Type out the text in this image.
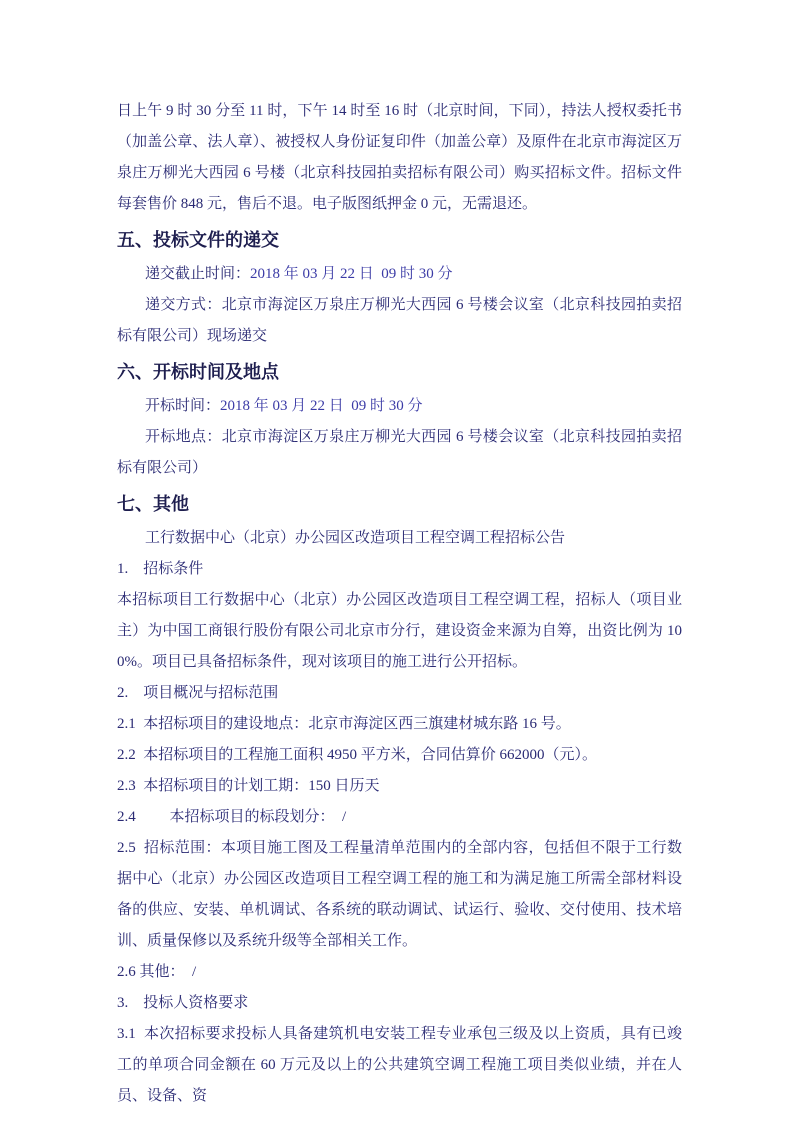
日上午 9 时 30 分至 11 时，下午 14 时至 16 时（北京时间，下同），持法人授权委托书（加盖公章、法人章）、被授权人身份证复印件（加盖公章）及原件在北京市海淀区万泉庄万柳光大西园 6 号楼（北京科技园拍卖招标有限公司）购买招标文件。招标文件每套售价 848 元，售后不退。电子版图纸押金 0 元，无需退还。

五、投标文件的递交

递交截止时间：2018 年 03 月 22 日  09 时 30 分

递交方式：北京市海淀区万泉庄万柳光大西园 6 号楼会议室（北京科技园拍卖招标有限公司）现场递交

六、开标时间及地点

开标时间：2018 年 03 月 22 日  09 时 30 分

开标地点：北京市海淀区万泉庄万柳光大西园 6 号楼会议室（北京科技园拍卖招标有限公司）

七、其他

工行数据中心（北京）办公园区改造项目工程空调工程招标公告

1.　招标条件

本招标项目工行数据中心（北京）办公园区改造项目工程空调工程，招标人（项目业主）为中国工商银行股份有限公司北京市分行，建设资金来源为自筹，出资比例为 100%。项目已具备招标条件，现对该项目的施工进行公开招标。

2.　项目概况与招标范围

2.1  本招标项目的建设地点：北京市海淀区西三旗建材城东路 16 号。

2.2  本招标项目的工程施工面积 4950 平方米，合同估算价 662000（元）。

2.3  本招标项目的计划工期：150 日历天

2.4　　 本招标项目的标段划分：  /

2.5  招标范围：本项目施工图及工程量清单范围内的全部内容，包括但不限于工行数据中心（北京）办公园区改造项目工程空调工程的施工和为满足施工所需全部材料设备的供应、安装、单机调试、各系统的联动调试、试运行、验收、交付使用、技术培训、质量保修以及系统升级等全部相关工作。

2.6 其他：  /

3.　投标人资格要求

3.1  本次招标要求投标人具备建筑机电安装工程专业承包三级及以上资质，具有已竣工的单项合同金额在 60 万元及以上的公共建筑空调工程施工项目类似业绩，并在人员、设备、资
